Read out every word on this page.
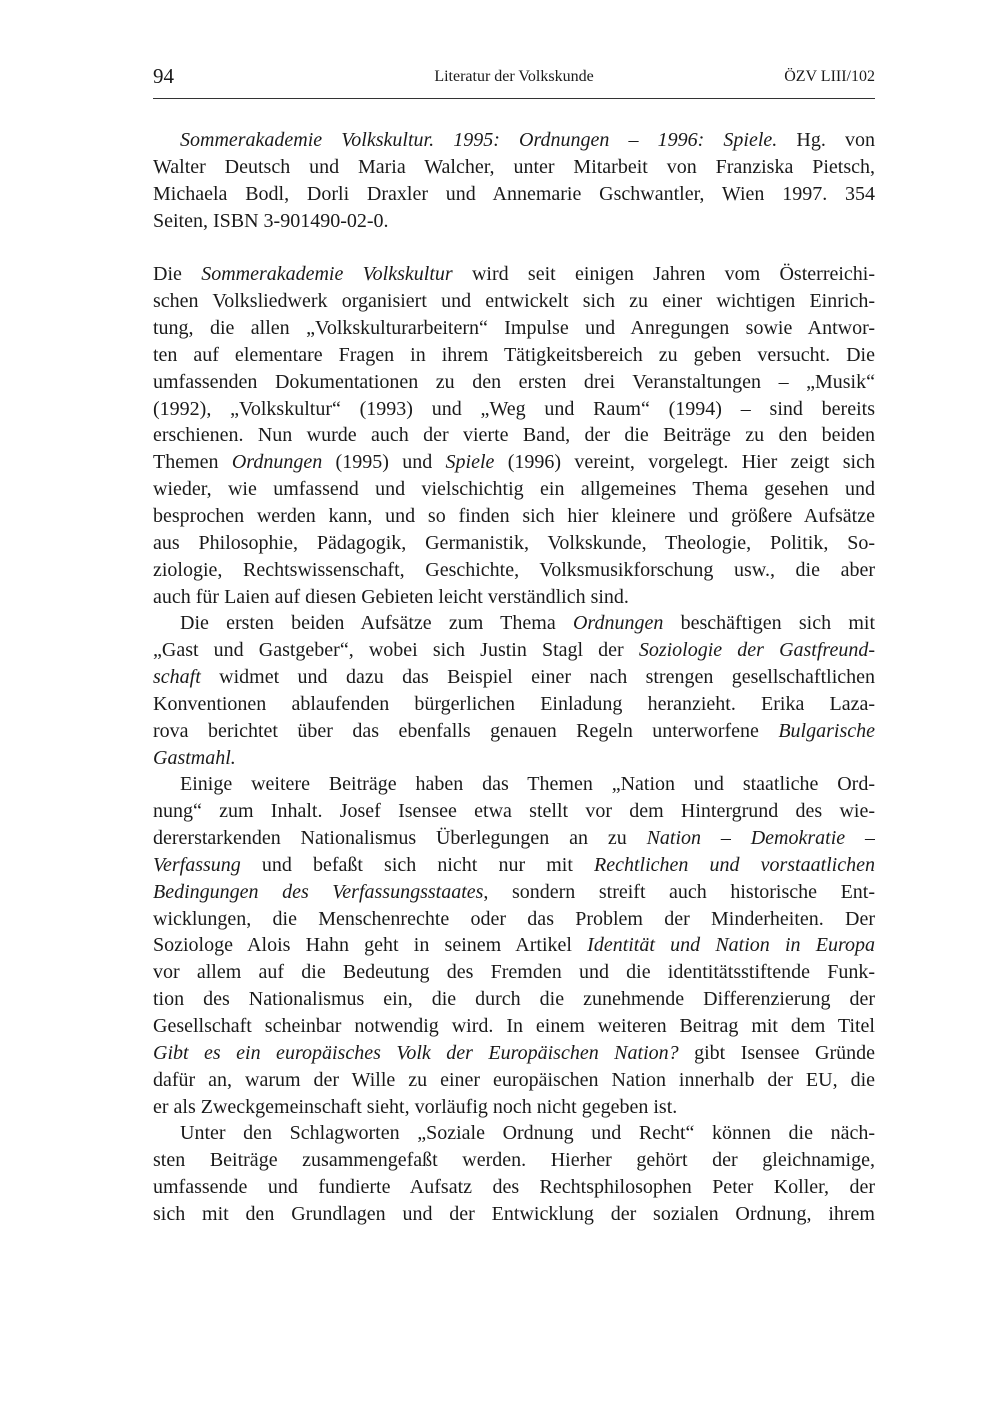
94	Literatur der Volkskunde	ÖZV LIII/102
Sommerakademie Volkskultur. 1995: Ordnungen – 1996: Spiele. Hg. von
Walter Deutsch und Maria Walcher, unter Mitarbeit von Franziska Pietsch,
Michaela Bodl, Dorli Draxler und Annemarie Gschwantler, Wien 1997. 354
Seiten, ISBN 3-901490-02-0.
Die Sommerakademie Volkskultur wird seit einigen Jahren vom Österreichi-
schen Volksliedwerk organisiert und entwickelt sich zu einer wichtigen Einrich-
tung, die allen „Volkskulturarbeitern“ Impulse und Anregungen sowie Antwor-
ten auf elementare Fragen in ihrem Tätigkeitsbereich zu geben versucht. Die
umfassenden Dokumentationen zu den ersten drei Veranstaltungen – „Musik“
(1992), „Volkskultur“ (1993) und „Weg und Raum“ (1994) – sind bereits
erschienen. Nun wurde auch der vierte Band, der die Beiträge zu den beiden
Themen Ordnungen (1995) und Spiele (1996) vereint, vorgelegt. Hier zeigt sich
wieder, wie umfassend und vielschichtig ein allgemeines Thema gesehen und
besprochen werden kann, und so finden sich hier kleinere und größere Aufsätze
aus Philosophie, Pädagogik, Germanistik, Volkskunde, Theologie, Politik, So-
ziologie, Rechtswissenschaft, Geschichte, Volksmusikforschung usw., die aber
auch für Laien auf diesen Gebieten leicht verständlich sind.
Die ersten beiden Aufsätze zum Thema Ordnungen beschäftigen sich mit
„Gast und Gastgeber“, wobei sich Justin Stagl der Soziologie der Gastfreund-
schaft widmet und dazu das Beispiel einer nach strengen gesellschaftlichen
Konventionen ablaufenden bürgerlichen Einladung heranzieht. Erika Laza-
rova berichtet über das ebenfalls genauen Regeln unterworfene Bulgarische
Gastmahl.
Einige weitere Beiträge haben das Themen „Nation und staatliche Ord-
nung“ zum Inhalt. Josef Isensee etwa stellt vor dem Hintergrund des wie-
dererstarkenden Nationalismus Überlegungen an zu Nation – Demokratie –
Verfassung und befaßt sich nicht nur mit Rechtlichen und vorstaatlichen
Bedingungen des Verfassungsstaates, sondern streift auch historische Ent-
wicklungen, die Menschenrechte oder das Problem der Minderheiten. Der
Soziologe Alois Hahn geht in seinem Artikel Identität und Nation in Europa
vor allem auf die Bedeutung des Fremden und die identitätsstiftende Funk-
tion des Nationalismus ein, die durch die zunehmende Differenzierung der
Gesellschaft scheinbar notwendig wird. In einem weiteren Beitrag mit dem Titel
Gibt es ein europäisches Volk der Europäischen Nation? gibt Isensee Gründe
dafür an, warum der Wille zu einer europäischen Nation innerhalb der EU, die
er als Zweckgemeinschaft sieht, vorläufig noch nicht gegeben ist.
Unter den Schlagworten „Soziale Ordnung und Recht“ können die näch-
sten Beiträge zusammengefaßt werden. Hierher gehört der gleichnamige,
umfassende und fundierte Aufsatz des Rechtsphilosophen Peter Koller, der
sich mit den Grundlagen und der Entwicklung der sozialen Ordnung, ihrem
